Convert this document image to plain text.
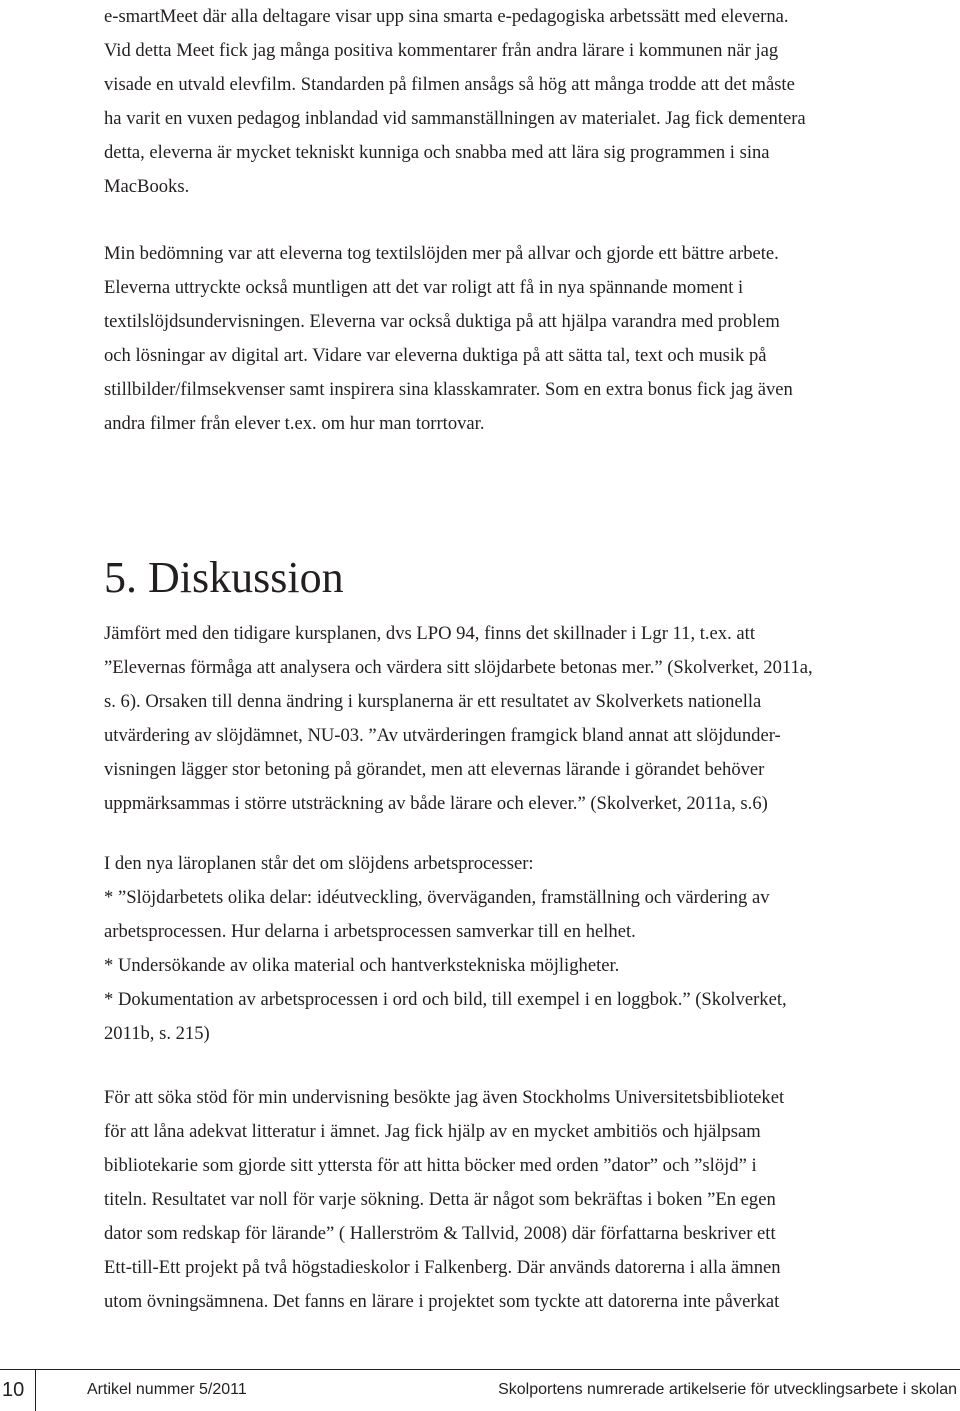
e-smartMeet där alla deltagare visar upp sina smarta e-pedagogiska arbetssätt med eleverna.
Vid detta Meet fick jag många positiva kommentarer från andra lärare i kommunen när jag
visade en utvald elevfilm. Standarden på filmen ansågs så hög att många trodde att det måste
ha varit en vuxen pedagog inblandad vid sammanställningen av materialet. Jag fick dementera
detta, eleverna är mycket tekniskt kunniga och snabba med att lära sig programmen i sina
MacBooks.

Min bedömning var att eleverna tog textilslöjden mer på allvar och gjorde ett bättre arbete.
Eleverna uttryckte också muntligen att det var roligt att få in nya spännande moment i
textilslöjdsundervisningen. Eleverna var också duktiga på att hjälpa varandra med problem
och lösningar av digital art. Vidare var eleverna duktiga på att sätta tal, text och musik på
stillbilder/filmsekvenser samt inspirera sina klasskamrater. Som en extra bonus fick jag även
andra filmer från elever t.ex. om hur man torrtovar.

5. Diskussion

Jämfört med den tidigare kursplanen, dvs LPO 94, finns det skillnader i Lgr 11, t.ex. att
”Elevernas förmåga att analysera och värdera sitt slöjdarbete betonas mer.” (Skolverket, 2011a,
s. 6). Orsaken till denna ändring i kursplanerna är ett resultatet av Skolverkets nationella
utvärdering av slöjdämnet, NU-03. ”Av utvärderingen framgick bland annat att slöjdunder-
visningen lägger stor betoning på görandet, men att elevernas lärande i görandet behöver
uppmärksammas i större utsträckning av både lärare och elever.” (Skolverket, 2011a, s.6)

I den nya läroplanen står det om slöjdens arbetsprocesser:
* ”Slöjdarbetets olika delar: idéutveckling, överväganden, framställning och värdering av
arbetsprocessen. Hur delarna i arbetsprocessen samverkar till en helhet.
* Undersökande av olika material och hantverkstekniska möjligheter.
* Dokumentation av arbetsprocessen i ord och bild, till exempel i en loggbok.” (Skolverket,
2011b, s. 215)

För att söka stöd för min undervisning besökte jag även Stockholms Universitetsbiblioteket
för att låna adekvat litteratur i ämnet. Jag fick hjälp av en mycket ambitiös och hjälpsam
bibliotekarie som gjorde sitt yttersta för att hitta böcker med orden ”dator” och ”slöjd” i
titeln. Resultatet var noll för varje sökning. Detta är något som bekräftas i boken ”En egen
dator som redskap för lärande” ( Hallerström & Tallvid, 2008) där författarna beskriver ett
Ett-till-Ett projekt på två högstadieskolor i Falkenberg. Där används datorerna i alla ämnen
utom övningsämnena. Det fanns en lärare i projektet som tyckte att datorerna inte påverkat

10	Artikel nummer 5/2011	Skolportens numrerade artikelserie för utvecklingsarbete i skolan
